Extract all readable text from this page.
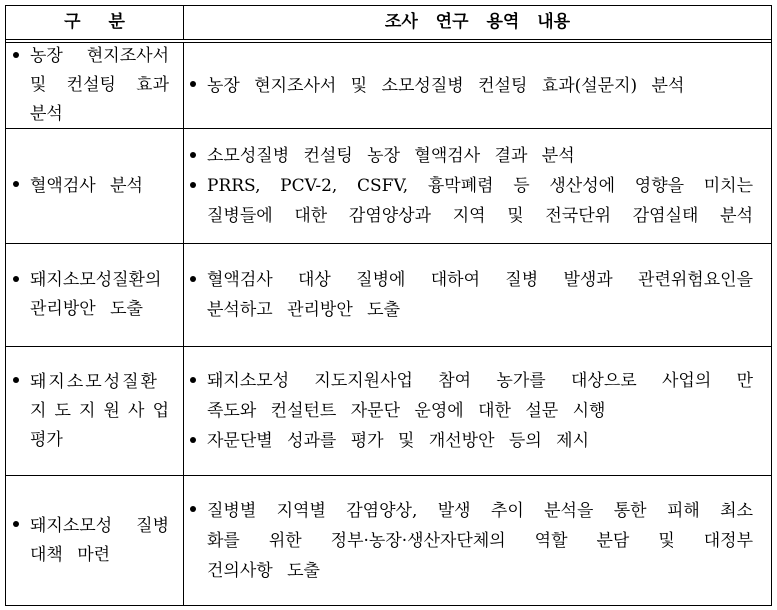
구 분	조사 연구 용역 내용
농장 현지조사서
및 컨설팅 효과
분석
농장 현지조사서 및 소모성질병 컨설팅 효과(설문지) 분석
혈액검사 분석
소모성질병 컨설팅 농장 혈액검사 결과 분석
PRRS, PCV-2, CSFV, 흉막폐렴 등 생산성에 영향을 미치는
질병들에 대한 감염양상과 지역 및 전국단위 감염실태 분석
돼지소모성질환의
관리방안 도출
혈액검사 대상 질병에 대하여 질병 발생과 관련위험요인을
분석하고 관리방안 도출
돼지소모성질환
지 도 지 원 사 업
평가
돼지소모성 지도지원사업 참여 농가를 대상으로 사업의 만
족도와 컨설턴트 자문단 운영에 대한 설문 시행
자문단별 성과를 평가 및 개선방안 등의 제시
돼지소모성 질병
대책 마련
질병별 지역별 감염양상, 발생 추이 분석을 통한 피해 최소
화를 위한 정부·농장·생산자단체의 역할 분담 및 대정부
건의사항 도출
